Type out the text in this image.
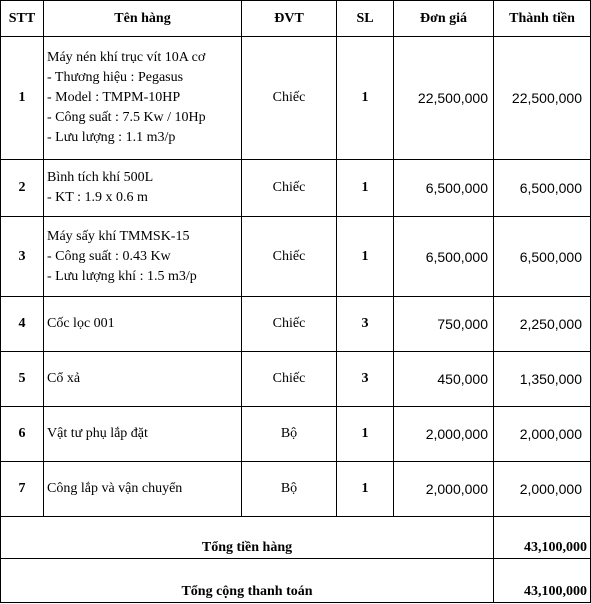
STT	Tên hàng	ĐVT	SL	Đơn giá	Thành tiền
1	Máy nén khí trục vít 10A cơ
- Thương hiệu : Pegasus
- Model : TMPM-10HP
- Công suất : 7.5 Kw / 10Hp
- Lưu lượng : 1.1 m3/p	Chiếc	1	22,500,000	22,500,000
2	Bình tích khí 500L
- KT : 1.9 x 0.6 m	Chiếc	1	6,500,000	6,500,000
3	Máy sấy khí TMMSK-15
- Công suất : 0.43 Kw
- Lưu lượng khí : 1.5 m3/p	Chiếc	1	6,500,000	6,500,000
4	Cốc lọc 001	Chiếc	3	750,000	2,250,000
5	Cổ xả	Chiếc	3	450,000	1,350,000
6	Vật tư phụ lắp đặt	Bộ	1	2,000,000	2,000,000
7	Công lắp và vận chuyển	Bộ	1	2,000,000	2,000,000
Tổng tiền hàng					43,100,000
Tổng cộng thanh toán					43,100,000
